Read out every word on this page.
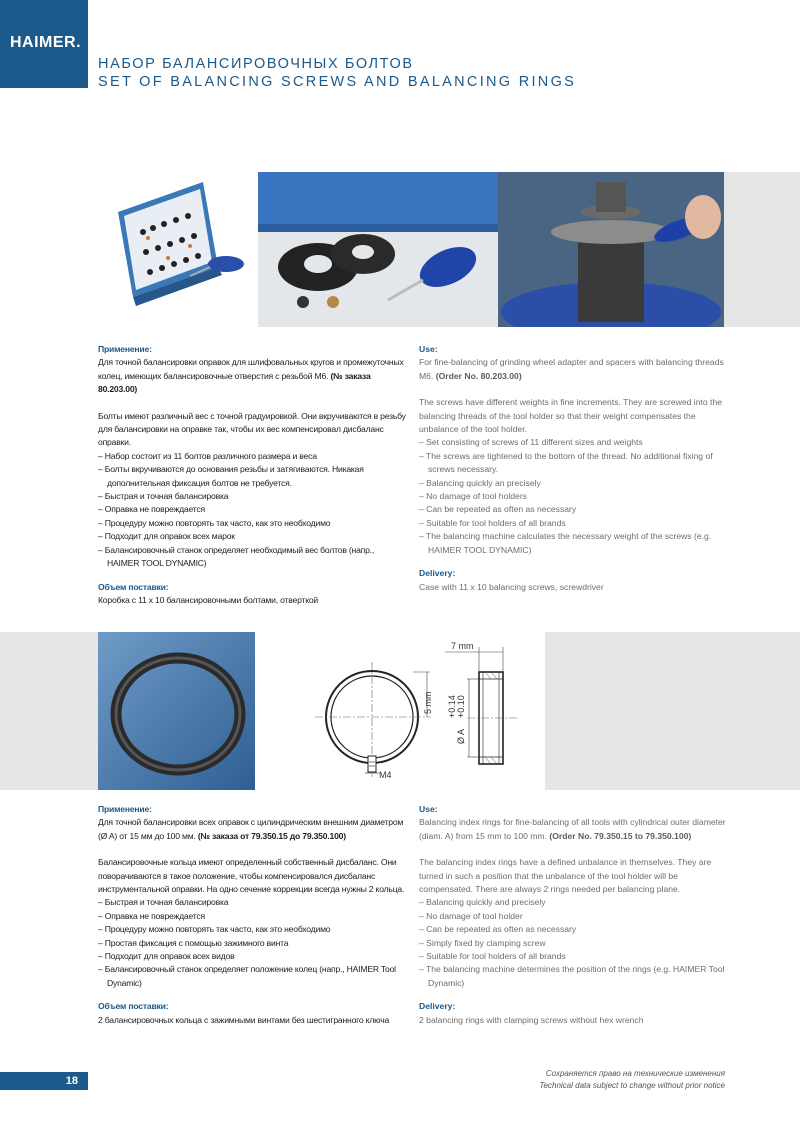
HAIMER.
НАБОР БАЛАНСИРОВОЧНЫХ БОЛТОВ
SET OF BALANCING SCREWS AND BALANCING RINGS

Применение:

Для точной балансировки оправок для шлифовальных кругов и промежуточных колец, имеющих балансировочные отверстия с резьбой М6. (№ заказа 80.203.00)

Болты имеют различный вес с точной градуировкой. Они вкручиваются в резьбу для балансировки на оправке так, чтобы их вес компенсировал дисбаланс оправки.

– Набор состоит из 11 болтов различного размера и веса
– Болты вкручиваются до основания резьбы и затягиваются. Никакая дополнительная фиксация болтов не требуется.
– Быстрая и точная балансировка
– Оправка не повреждается
– Процедуру можно повторять так часто, как это необходимо
– Подходит для оправок всех марок
– Балансировочный станок определяет необходимый вес болтов (напр., HAIMER TOOL DYNAMIC)

Объем поставки:

Коробка с 11 x 10 балансировочными болтами, отверткой

Use:

For fine-balancing of grinding wheel adapter and spacers with balancing threads M6. (Order No. 80.203.00)

The screws have different weights in fine increments. They are screwed into the balancing threads of the tool holder so that their weight compensates the unbalance of the tool holder.

– Set consisting of screws of 11 different sizes and weights
– The screws are tightened to the bottom of the thread. No additional fixing of screws necessary.
– Balancing quickly an precisely
– No damage of tool holders
– Can be repeated as often as necessary
– Suitable for tool holders of all brands
– The balancing machine calculates the necessary weight of the screws (e.g. HAIMER TOOL DYNAMIC)

Delivery:

Case with 11 x 10 balancing screws, screwdriver

M4
5 mm
7 mm
Ø A
+0.14 +0.10

Применение:

Для точной балансировки всех оправок с цилиндрическим внешним диаметром (Ø A) от 15 мм до 100 мм. (№ заказа от 79.350.15 до 79.350.100)

Балансировочные кольца имеют определенный собственный дисбаланс. Они поворачиваются в такое положение, чтобы компенсировался дисбаланс инструментальной оправки. На одно сечение коррекции всегда нужны 2 кольца.

– Быстрая и точная балансировка
– Оправка не повреждается
– Процедуру можно повторять так часто, как это необходимо
– Простая фиксация с помощью зажимного винта
– Подходит для оправок всех видов
– Балансировочный станок определяет положение колец (напр., HAIMER Tool Dynamic)

Объем поставки:

2 балансировочных кольца с зажимными винтами без шестигранного ключа

Use:

Balancing index rings for fine-balancing of all tools with cylindrical outer diameter (diam. A) from 15 mm to 100 mm. (Order No. 79.350.15 to 79.350.100)

The balancing index rings have a defined unbalance in themselves. They are turned in such a position that the unbalance of the tool holder will be compensated. There are always 2 rings needed per balancing plane.

– Balancing quickly and precisely
– No damage of tool holder
– Can be repeated as often as necessary
– Simply fixed by clamping screw
– Suitable for tool holders of all brands
– The balancing machine determines the position of the rings (e.g. HAIMER Tool Dynamic)

Delivery:

2 balancing rings with clamping screws without hex wrench

18
Сохраняется право на технические изменения
Technical data subject to change without prior notice
